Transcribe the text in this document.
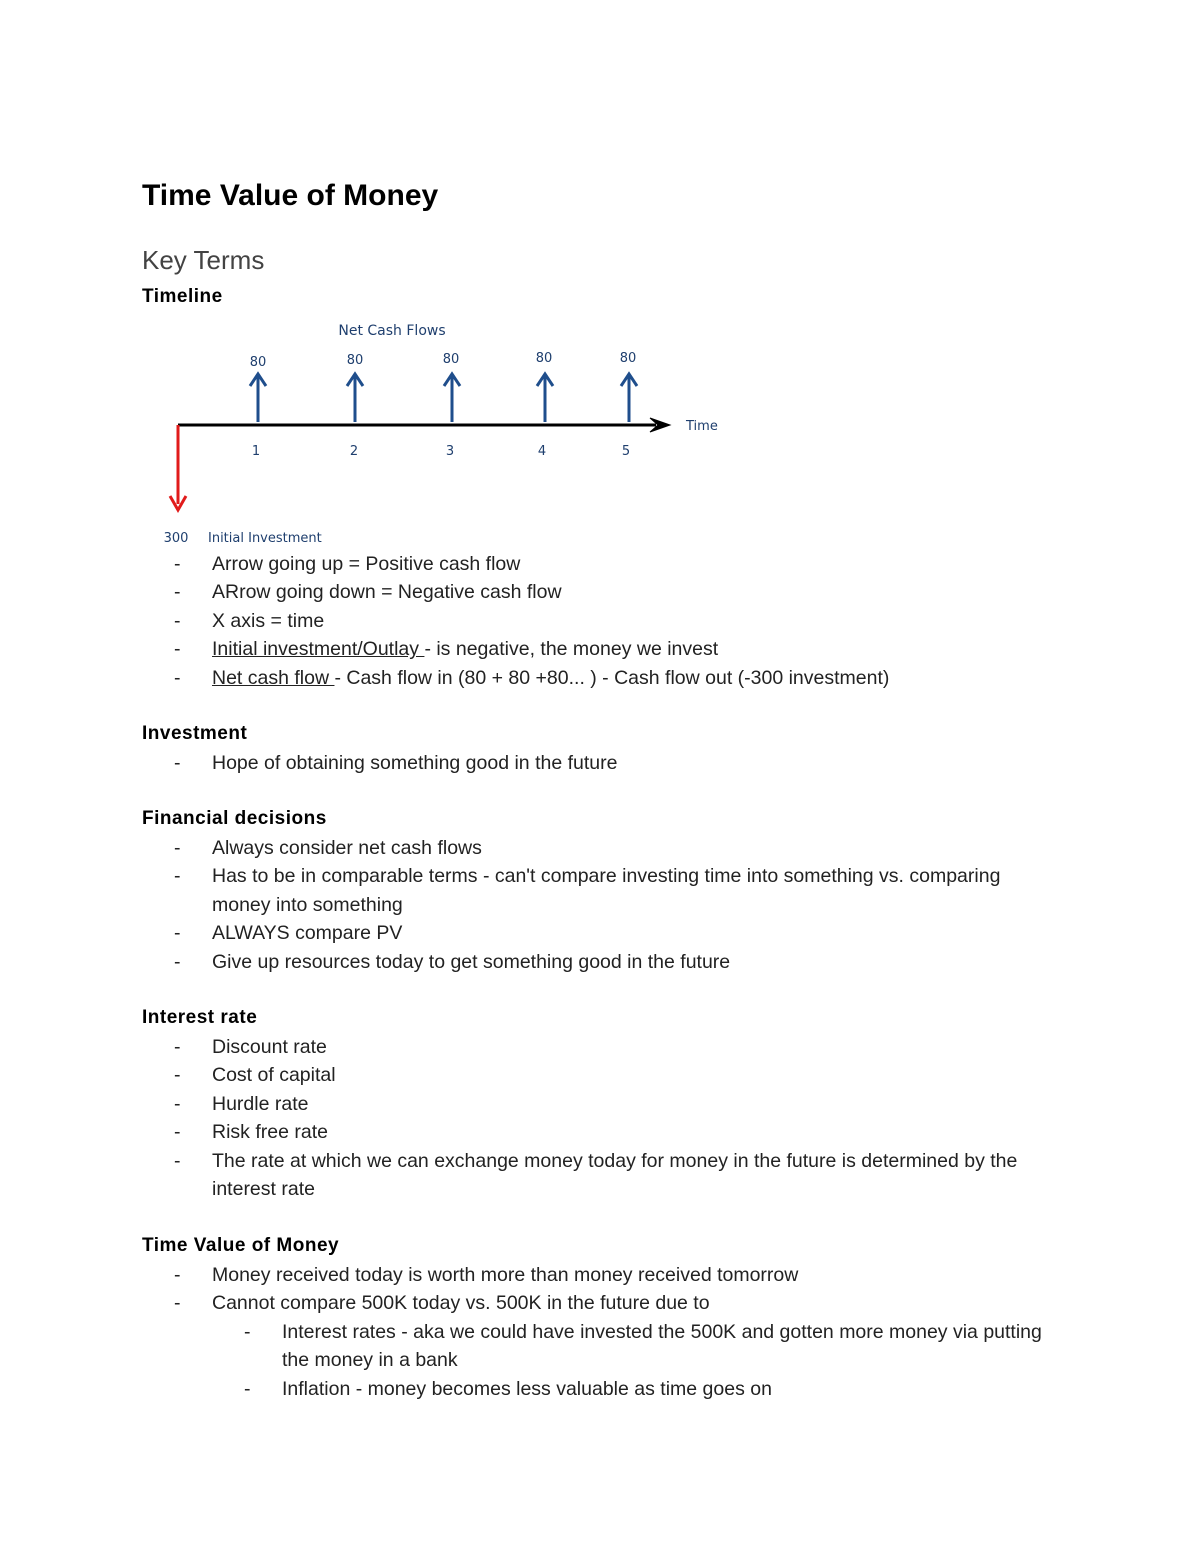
Time Value of Money
Key Terms
Timeline
Net Cash Flows
Time
300 Initial Investment
80
1
80
2
80
3
80
4
80
5
-	Arrow going up = Positive cash flow
-	ARrow going down = Negative cash flow
-	X axis = time
-	Initial investment/Outlay - is negative, the money we invest
-	Net cash flow - Cash flow in (80 + 80 +80... ) - Cash flow out (-300 investment)
Investment
-	Hope of obtaining something good in the future
Financial decisions
-	Always consider net cash flows
-	Has to be in comparable terms - can't compare investing time into something vs. comparing money into something
-	ALWAYS compare PV
-	Give up resources today to get something good in the future
Interest rate
-	Discount rate
-	Cost of capital
-	Hurdle rate
-	Risk free rate
-	The rate at which we can exchange money today for money in the future is determined by the interest rate
Time Value of Money
-	Money received today is worth more than money received tomorrow
-	Cannot compare 500K today vs. 500K in the future due to
-	Interest rates - aka we could have invested the 500K and gotten more money via putting the money in a bank
-	Inflation - money becomes less valuable as time goes on
